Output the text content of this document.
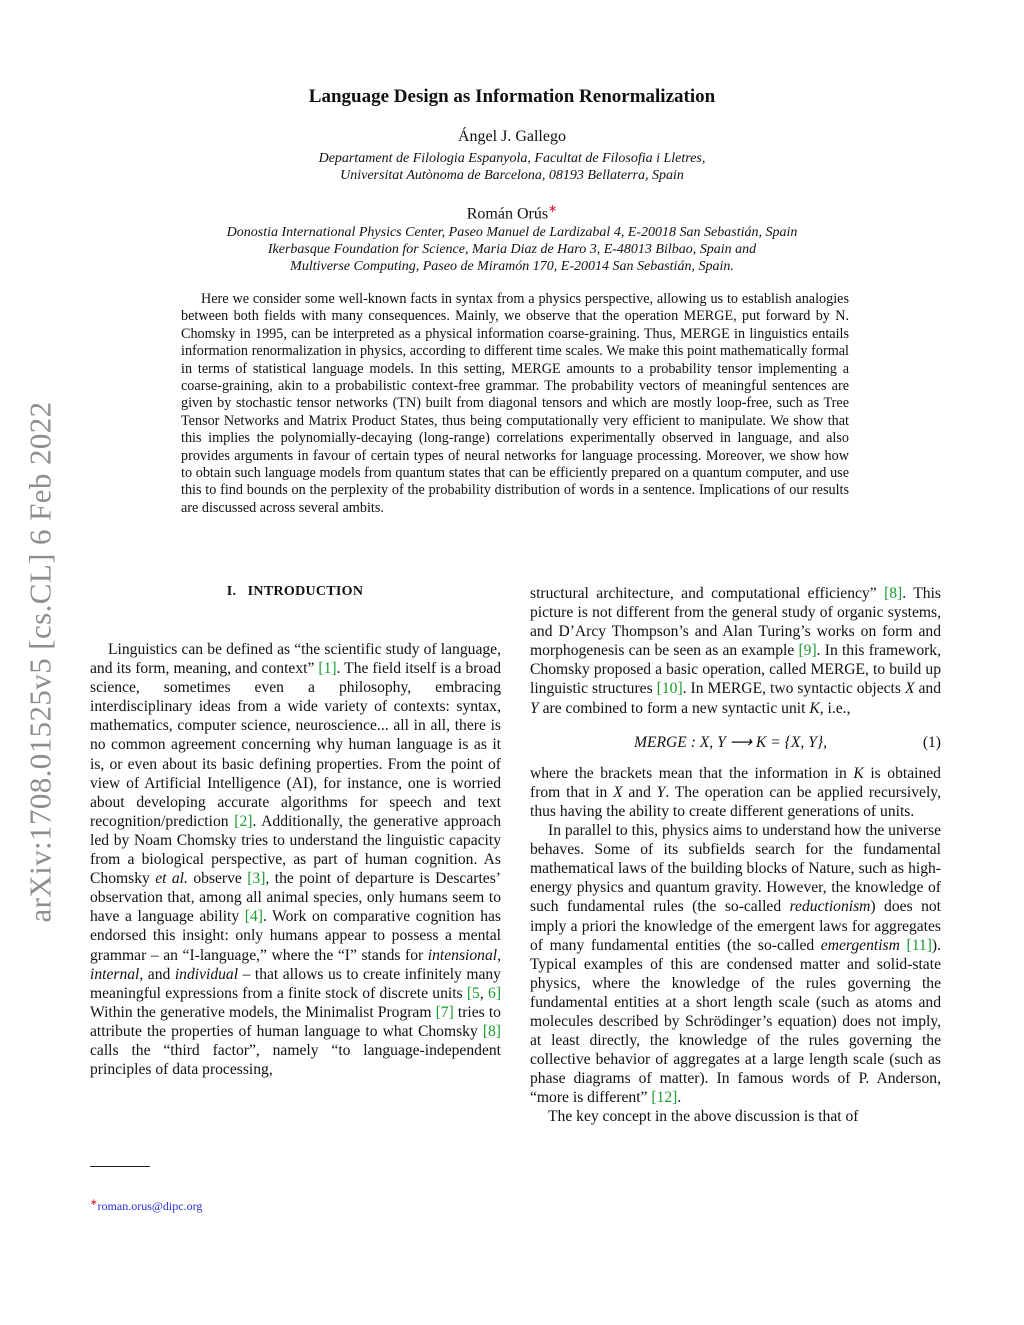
arXiv:1708.01525v5 [cs.CL] 6 Feb 2022
Language Design as Information Renormalization
Ángel J. Gallego
Departament de Filologia Espanyola, Facultat de Filosofia i Lletres,
Universitat Autònoma de Barcelona, 08193 Bellaterra, Spain
Román Orús∗
Donostia International Physics Center, Paseo Manuel de Lardizabal 4, E-20018 San Sebastián, Spain
Ikerbasque Foundation for Science, Maria Diaz de Haro 3, E-48013 Bilbao, Spain and
Multiverse Computing, Paseo de Miramón 170, E-20014 San Sebastián, Spain.
Here we consider some well-known facts in syntax from a physics perspective, allowing us to establish analogies between both fields with many consequences. Mainly, we observe that the operation MERGE, put forward by N. Chomsky in 1995, can be interpreted as a physical information coarse-graining. Thus, MERGE in linguistics entails information renormalization in physics, according to different time scales. We make this point mathematically formal in terms of statistical language models. In this setting, MERGE amounts to a probability tensor implementing a coarse-graining, akin to a probabilistic context-free grammar. The probability vectors of meaningful sentences are given by stochastic tensor networks (TN) built from diagonal tensors and which are mostly loop-free, such as Tree Tensor Networks and Matrix Product States, thus being computationally very efficient to manipulate. We show that this implies the polynomially-decaying (long-range) correlations experimentally observed in language, and also provides arguments in favour of certain types of neural networks for language processing. Moreover, we show how to obtain such language models from quantum states that can be efficiently prepared on a quantum computer, and use this to find bounds on the perplexity of the probability distribution of words in a sentence. Implications of our results are discussed across several ambits.
I. INTRODUCTION

Linguistics can be defined as “the scientific study of language, and its form, meaning, and context” [1]. The field itself is a broad science, sometimes even a philosophy, embracing interdisciplinary ideas from a wide variety of contexts: syntax, mathematics, computer science, neuroscience... all in all, there is no common agreement concerning why human language is as it is, or even about its basic defining properties. From the point of view of Artificial Intelligence (AI), for instance, one is worried about developing accurate algorithms for speech and text recognition/prediction [2]. Additionally, the generative approach led by Noam Chomsky tries to understand the linguistic capacity from a biological perspective, as part of human cognition. As Chomsky et al. observe [3], the point of departure is Descartes’ observation that, among all animal species, only humans seem to have a language ability [4]. Work on comparative cognition has endorsed this insight: only humans appear to possess a mental grammar – an “I-language,” where the “I” stands for intensional, internal, and individual – that allows us to create infinitely many meaningful expressions from a finite stock of discrete units [5, 6] Within the generative models, the Minimalist Program [7] tries to attribute the properties of human language to what Chomsky [8] calls the “third factor”, namely “to language-independent principles of data processing,

structural architecture, and computational efficiency” [8]. This picture is not different from the general study of organic systems, and D’Arcy Thompson’s and Alan Turing’s works on form and morphogenesis can be seen as an example [9]. In this framework, Chomsky proposed a basic operation, called MERGE, to build up linguistic structures [10]. In MERGE, two syntactic objects X and Y are combined to form a new syntactic unit K, i.e.,

MERGE : X, Y ⟶ K = {X, Y},	(1)

where the brackets mean that the information in K is obtained from that in X and Y. The operation can be applied recursively, thus having the ability to create different generations of units.

In parallel to this, physics aims to understand how the universe behaves. Some of its subfields search for the fundamental mathematical laws of the building blocks of Nature, such as high-energy physics and quantum gravity. However, the knowledge of such fundamental rules (the so-called reductionism) does not imply a priori the knowledge of the emergent laws for aggregates of many fundamental entities (the so-called emergentism [11]). Typical examples of this are condensed matter and solid-state physics, where the knowledge of the rules governing the fundamental entities at a short length scale (such as atoms and molecules described by Schrödinger’s equation) does not imply, at least directly, the knowledge of the rules governing the collective behavior of aggregates at a large length scale (such as phase diagrams of matter). In famous words of P. Anderson, “more is different” [12].

The key concept in the above discussion is that of

∗roman.orus@dipc.org
